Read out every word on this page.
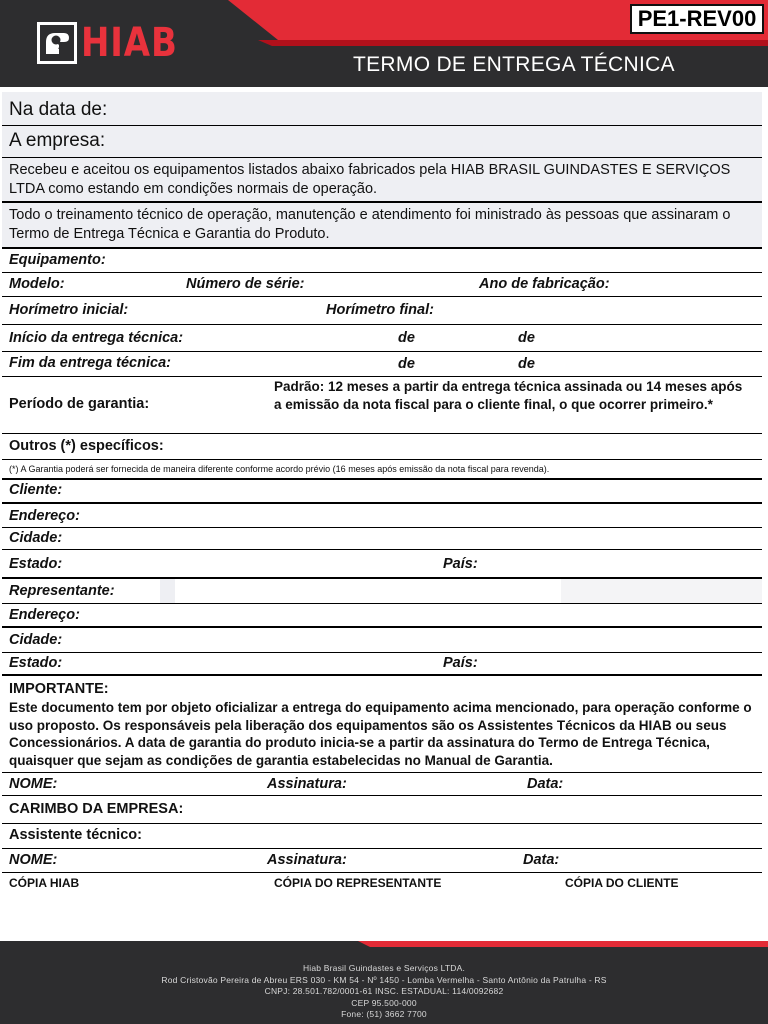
HIAB
PE1-REV00
TERMO DE ENTREGA TÉCNICA
Na data de:
A empresa:
Recebeu e aceitou os equipamentos listados abaixo fabricados pela HIAB BRASIL GUINDASTES E SERVIÇOS LTDA como estando em condições normais de operação.
Todo o treinamento técnico de operação, manutenção e atendimento foi ministrado às pessoas que assinaram o Termo de Entrega Técnica e Garantia do Produto.
Equipamento:
Modelo:	Número de série:	Ano de fabricação:
Horímetro inicial:	Horímetro final:
Início da entrega técnica:	de	de
Fim da entrega técnica:	de	de
Período de garantia:
Padrão: 12 meses a partir da entrega técnica assinada ou 14 meses após a emissão da nota fiscal para o cliente final, o que ocorrer primeiro.*
Outros (*) específicos:
(*) A Garantia poderá ser fornecida de maneira diferente conforme acordo prévio (16 meses após emissão da nota fiscal para revenda).
Cliente:
Endereço:
Cidade:
Estado:	País:
Representante:
Endereço:
Cidade:
Estado:	País:
IMPORTANTE:
Este documento tem por objeto oficializar a entrega do equipamento acima mencionado, para operação conforme o uso proposto. Os responsáveis pela liberação dos equipamentos são os Assistentes Técnicos da HIAB ou seus Concessionários. A data de garantia do produto inicia-se a partir da assinatura do Termo de Entrega Técnica, quaisquer que sejam as condições de garantia estabelecidas no Manual de Garantia.
NOME:	Assinatura:	Data:
CARIMBO DA EMPRESA:
Assistente técnico:
NOME:	Assinatura:	Data:
CÓPIA HIAB	CÓPIA DO REPRESENTANTE	CÓPIA DO CLIENTE
Hiab Brasil Guindastes e Serviços LTDA.
Rod Cristovão Pereira de Abreu ERS 030 - KM 54 - Nº 1450 - Lomba Vermelha - Santo Antônio da Patrulha - RS
CNPJ: 28.501.782/0001-61 INSC. ESTADUAL: 114/0092682
CEP 95.500-000
Fone: (51) 3662 7700
